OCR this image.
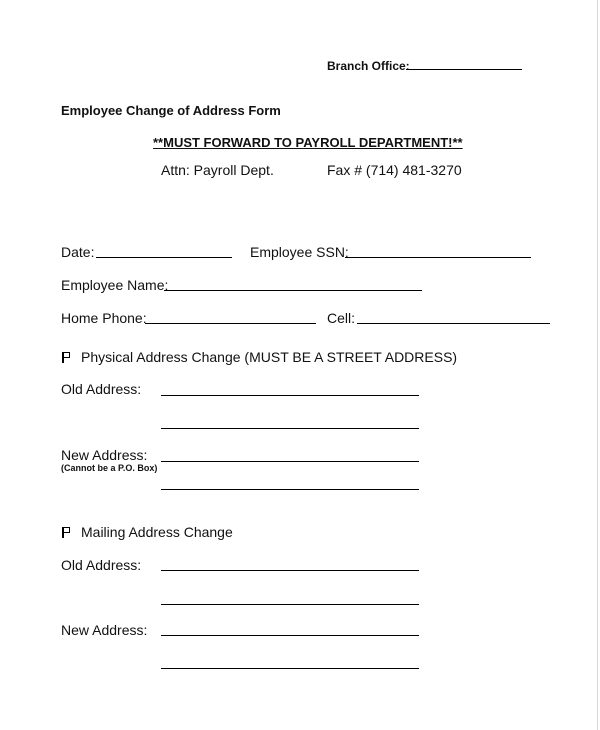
Branch Office:
Employee Change of Address Form
**MUST FORWARD TO PAYROLL DEPARTMENT!**
Attn: Payroll Dept.	Fax # (714) 481-3270
Date:	Employee SSN:
Employee Name:
Home Phone:	Cell:
Physical Address Change (MUST BE A STREET ADDRESS)
Old Address:
New Address:
(Cannot be a P.O. Box)
Mailing Address Change
Old Address:
New Address:
